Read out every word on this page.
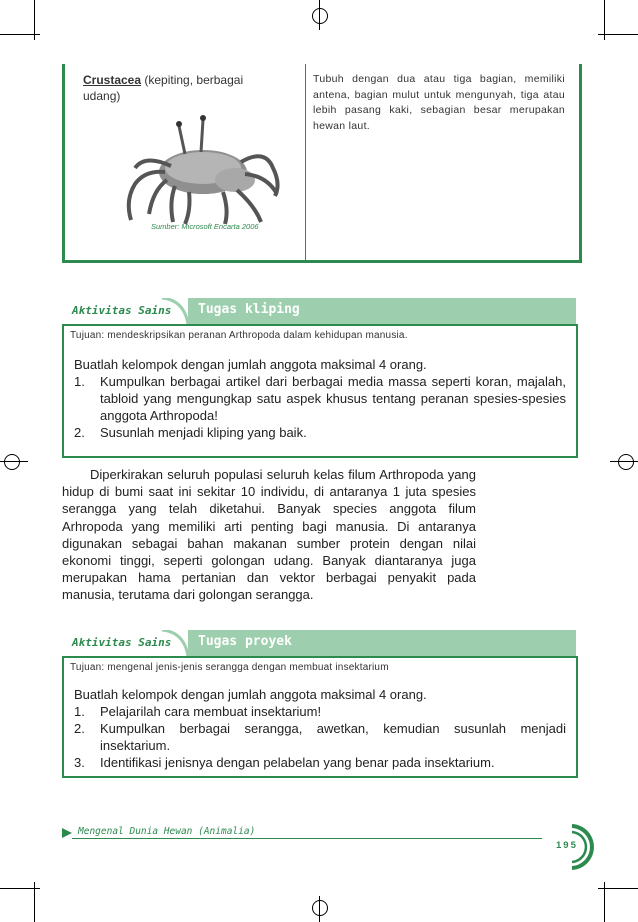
Crustacea (kepiting, berbagai udang)
Sumber: Microsoft Encarta 2006
Tubuh dengan dua atau tiga bagian, memiliki antena, bagian mulut untuk mengunyah, tiga atau lebih pasang kaki, sebagian besar merupakan hewan laut.
Tugas kliping
Aktivitas Sains
Tujuan: mendeskripsikan peranan Arthropoda dalam kehidupan manusia.

Buatlah kelompok dengan jumlah anggota maksimal 4 orang.

1. Kumpulkan berbagai artikel dari berbagai media massa seperti koran, majalah, tabloid yang mengungkap satu aspek khusus tentang peranan spesies-spesies anggota Arthropoda!
2. Susunlah menjadi kliping yang baik.
Diperkirakan seluruh populasi seluruh kelas filum Arthropoda yang hidup di bumi saat ini sekitar 10 individu, di antaranya 1 juta spesies serangga yang telah diketahui. Banyak species anggota filum Arhropoda yang memiliki arti penting bagi manusia. Di antaranya digunakan sebagai bahan makanan sumber protein dengan nilai ekonomi tinggi, seperti golongan udang. Banyak diantaranya juga merupakan hama pertanian dan vektor berbagai penyakit pada manusia, terutama dari golongan serangga.
Tugas proyek
Aktivitas Sains
Tujuan: mengenal jenis-jenis serangga dengan membuat insektarium

Buatlah kelompok dengan jumlah anggota maksimal 4 orang.

1. Pelajarilah cara membuat insektarium!
2. Kumpulkan berbagai serangga, awetkan, kemudian susunlah menjadi insektarium.
3. Identifikasi jenisnya dengan pelabelan yang benar pada insektarium.
Mengenal Dunia Hewan (Animalia)
195
